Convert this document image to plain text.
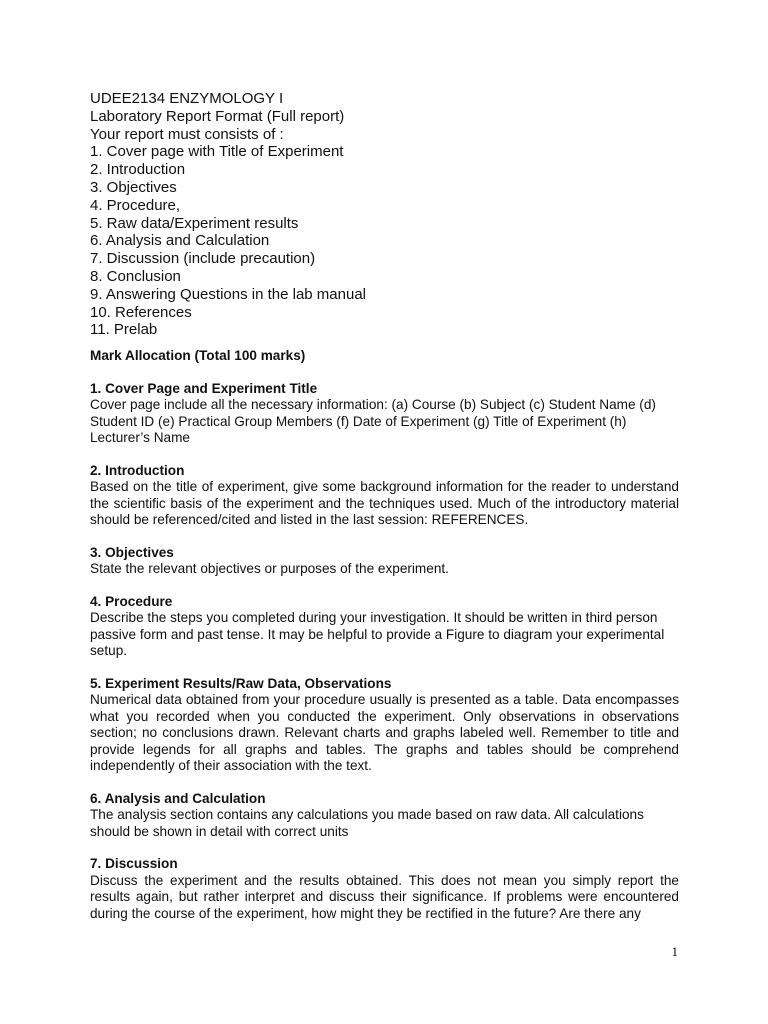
UDEE2134 ENZYMOLOGY I

Laboratory Report Format (Full report)

Your report must consists of :

1. Cover page with Title of Experiment
2. Introduction
3. Objectives
4. Procedure,
5. Raw data/Experiment results
6. Analysis and Calculation
7. Discussion (include precaution)
8. Conclusion
9. Answering Questions in the lab manual
10. References
11. Prelab

Mark Allocation (Total 100 marks)

1. Cover Page and Experiment Title

Cover page include all the necessary information: (a) Course (b) Subject (c) Student Name (d) Student ID (e) Practical Group Members (f) Date of Experiment (g) Title of Experiment (h) Lecturer’s Name

2. Introduction

Based on the title of experiment, give some background information for the reader to understand the scientific basis of the experiment and the techniques used. Much of the introductory material should be referenced/cited and listed in the last session: REFERENCES.

3. Objectives

State the relevant objectives or purposes of the experiment.

4. Procedure

Describe the steps you completed during your investigation. It should be written in third person passive form and past tense. It may be helpful to provide a Figure to diagram your experimental setup.

5. Experiment Results/Raw Data, Observations

Numerical data obtained from your procedure usually is presented as a table. Data encompasses what you recorded when you conducted the experiment. Only observations in observations section; no conclusions drawn. Relevant charts and graphs labeled well. Remember to title and provide legends for all graphs and tables. The graphs and tables should be comprehend independently of their association with the text.

6. Analysis and Calculation

The analysis section contains any calculations you made based on raw data. All calculations should be shown in detail with correct units

7. Discussion

Discuss the experiment and the results obtained. This does not mean you simply report the results again, but rather interpret and discuss their significance. If problems were encountered during the course of the experiment, how might they be rectified in the future? Are there any

1
